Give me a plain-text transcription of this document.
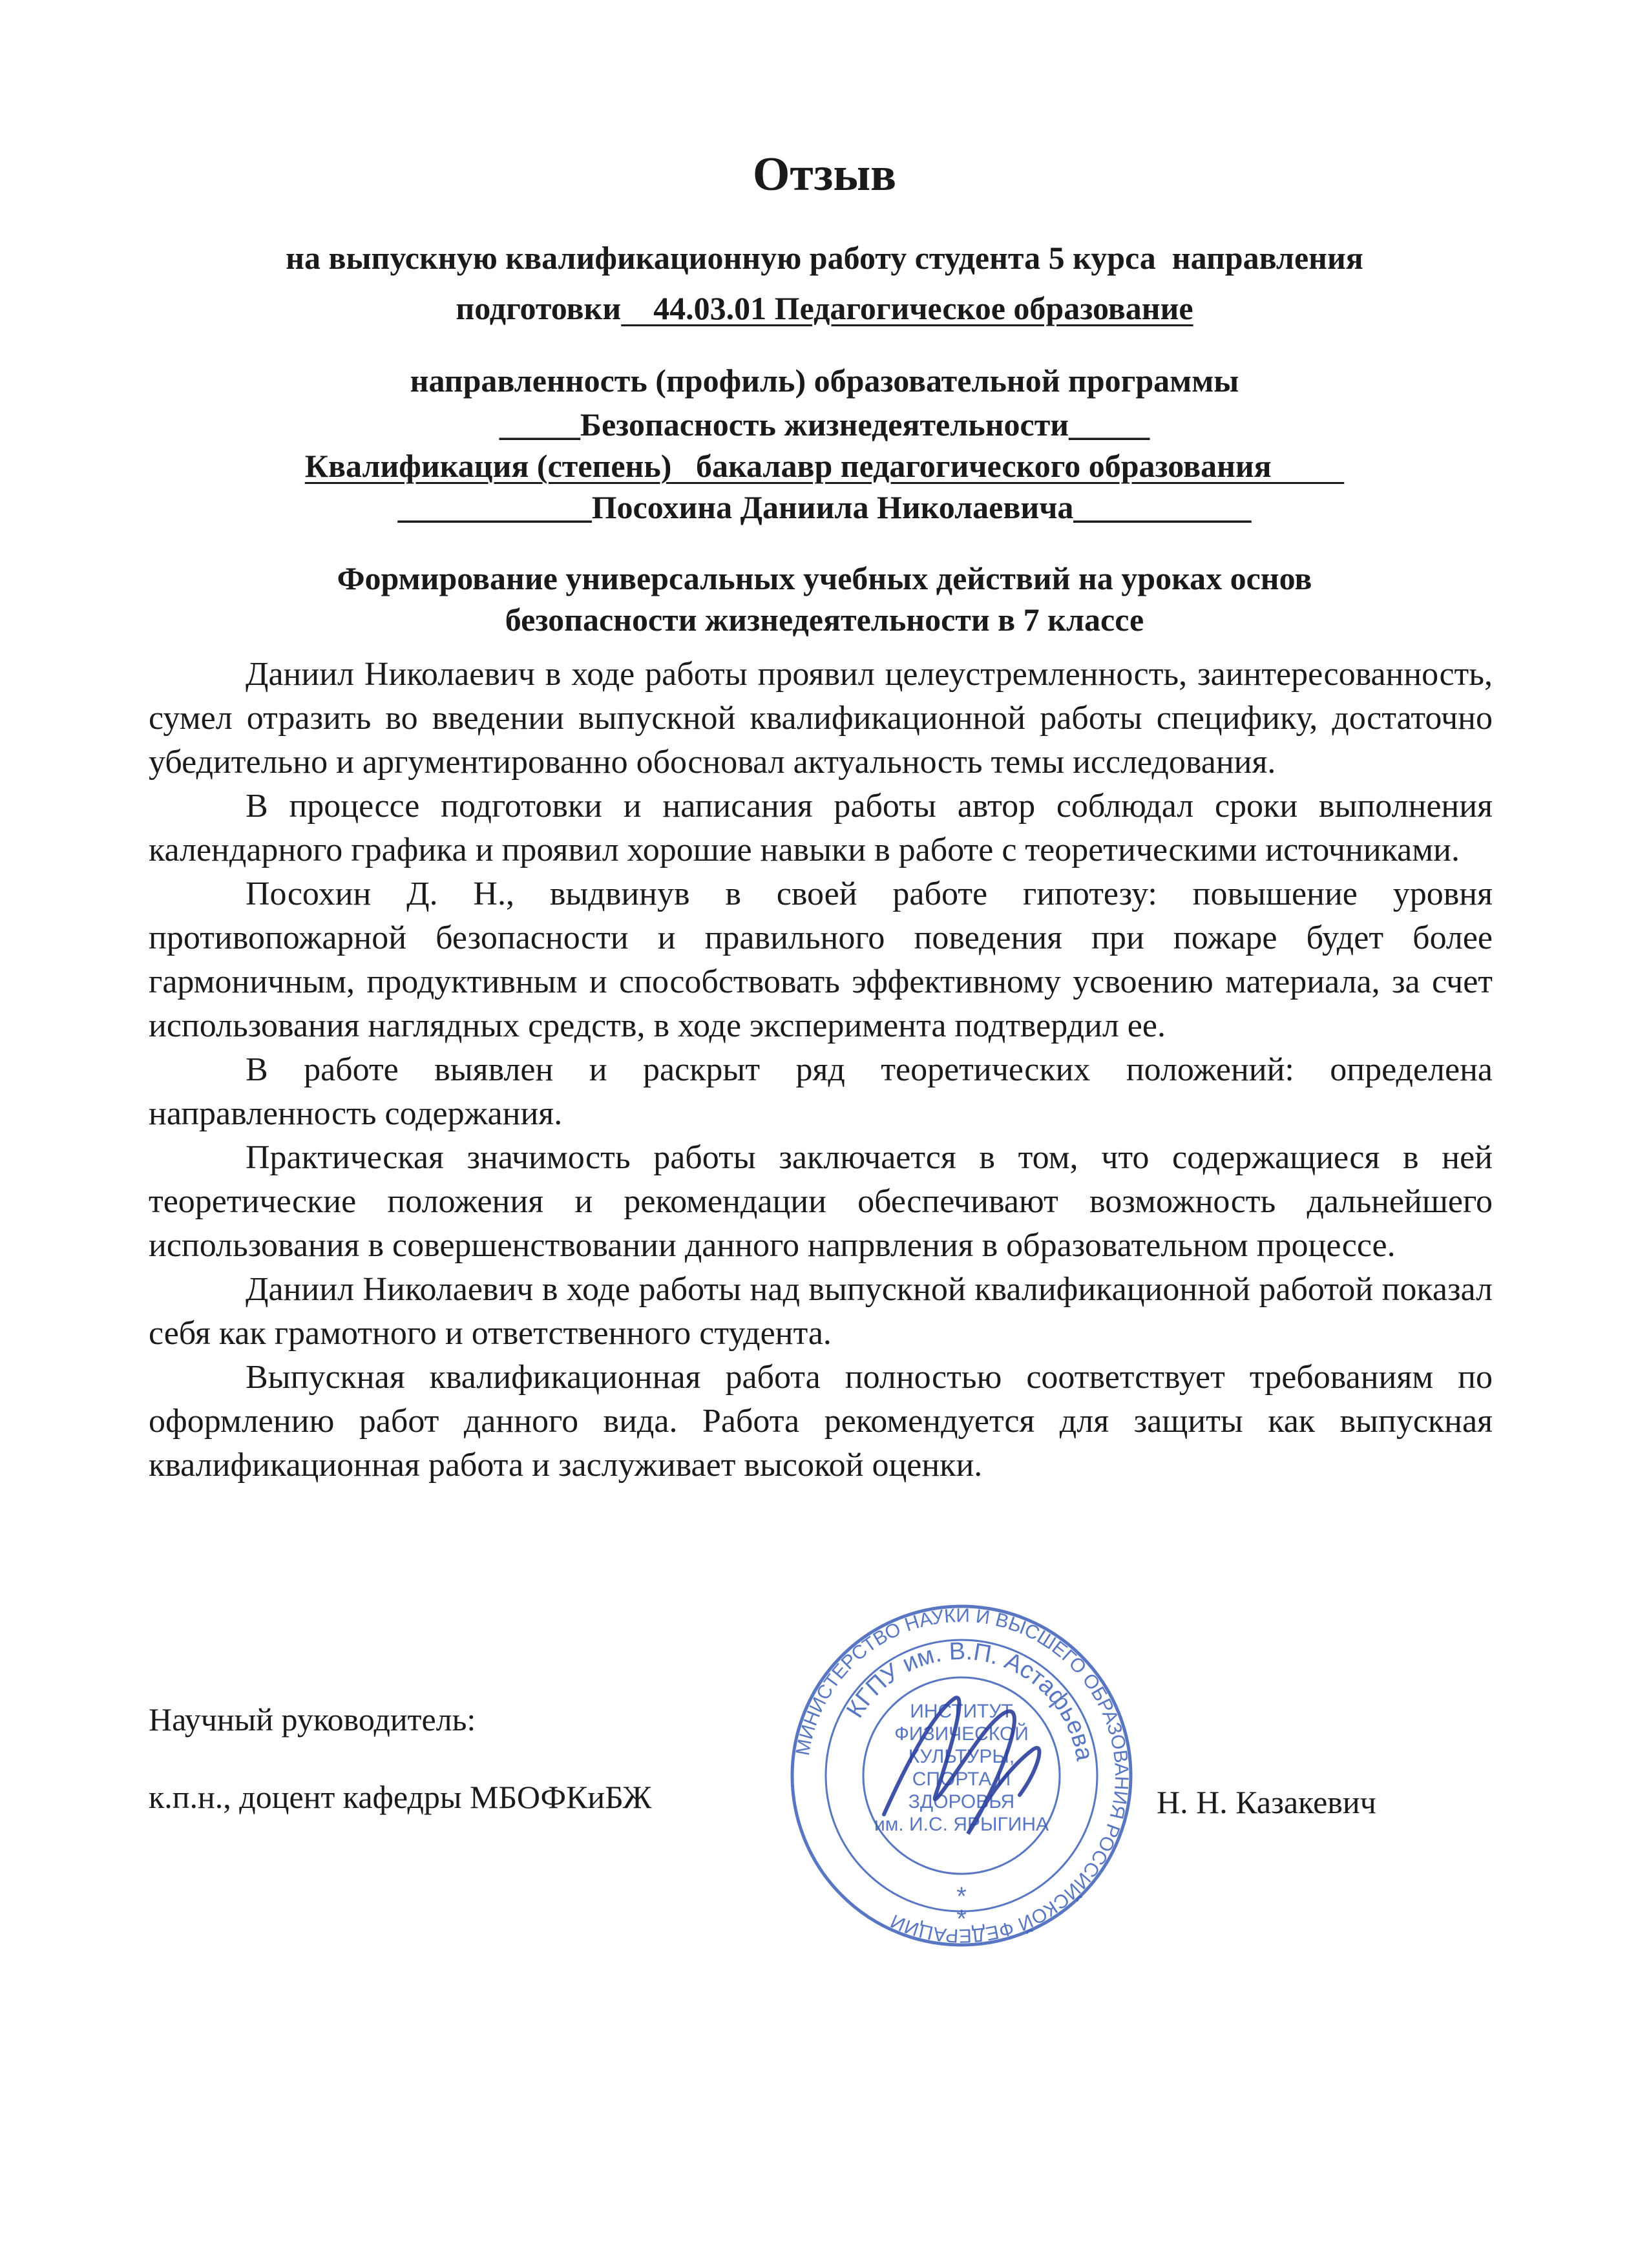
Отзыв
на выпускную квалификационную работу студента 5 курса  направления
подготовки    44.03.01 Педагогическое образование
направленность (профиль) образовательной программы
_____Безопасность жизнедеятельности_____
Квалификация (степень)   бакалавр педагогического образования
____________Посохина Даниила Николаевича___________
Формирование универсальных учебных действий на уроках основ
безопасности жизнедеятельности в 7 классе

Даниил Николаевич в ходе работы проявил целеустремленность, заинтересованность, сумел отразить во введении выпускной квалификационной работы специфику, достаточно убедительно и аргументированно обосновал актуальность темы исследования.

В процессе подготовки и написания работы автор соблюдал сроки выполнения календарного графика и проявил хорошие навыки в работе с теоретическими источниками.

Посохин Д. Н., выдвинув в своей работе гипотезу: повышение уровня противопожарной безопасности и правильного поведения при пожаре будет более гармоничным, продуктивным и способствовать эффективному усвоению материала, за счет использования наглядных средств, в ходе эксперимента подтвердил ее.

В работе выявлен и раскрыт ряд теоретических положений: определена направленность содержания.

Практическая значимость работы заключается в том, что содержащиеся в ней теоретические положения и рекомендации обеспечивают возможность дальнейшего использования в совершенствовании данного напрвления в образовательном процессе.

Даниил Николаевич в ходе работы над выпускной квалификационной работой показал себя как грамотного и ответственного студента.

Выпускная квалификационная работа полностью соответствует требованиям по оформлению работ данного вида. Работа рекомендуется для защиты как выпускная квалификационная работа и заслуживает высокой оценки.

Научный руководитель:
к.п.н., доцент кафедры МБОФКиБЖ	Н. Н. Казакевич
МИНИСТЕРСТВО НАУКИ И ВЫСШЕГО ОБРАЗОВАНИЯ РОССИЙСКОЙ ФЕДЕРАЦИИ
КГПУ им. В.П. Астафьева
ИНСТИТУТ
ФИЗИЧЕСКОЙ
КУЛЬТУРЫ,
СПОРТА И
ЗДОРОВЬЯ
им. И.С. ЯРЫГИНА
*
*
